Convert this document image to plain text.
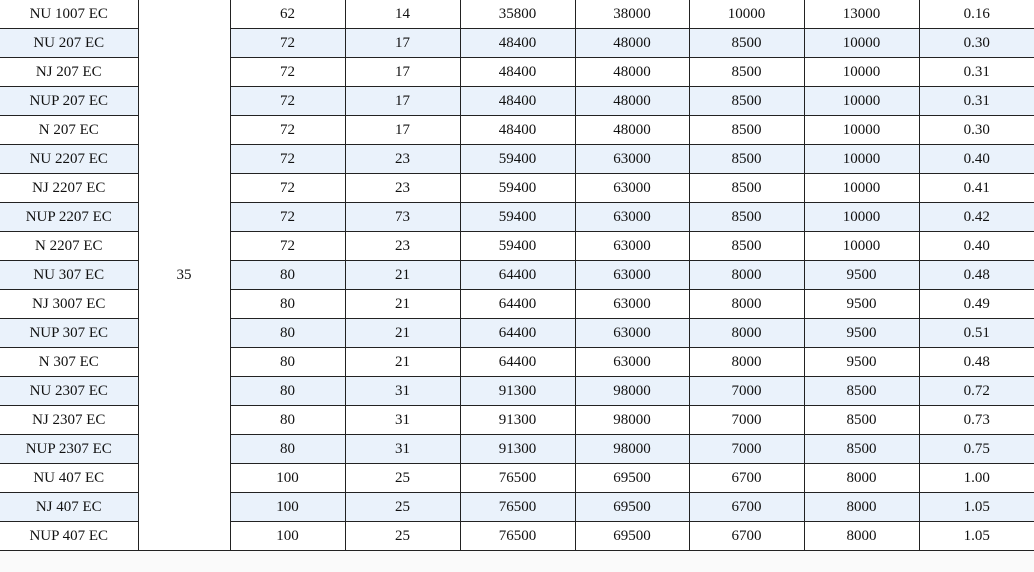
NU 1007 EC	35	62	14	35800	38000	10000	13000	0.16
NU 207 EC		72	17	48400	48000	8500	10000	0.30
NJ 207 EC		72	17	48400	48000	8500	10000	0.31
NUP 207 EC		72	17	48400	48000	8500	10000	0.31
N 207 EC		72	17	48400	48000	8500	10000	0.30
NU 2207 EC		72	23	59400	63000	8500	10000	0.40
NJ 2207 EC		72	23	59400	63000	8500	10000	0.41
NUP 2207 EC		72	73	59400	63000	8500	10000	0.42
N 2207 EC		72	23	59400	63000	8500	10000	0.40
NU 307 EC		80	21	64400	63000	8000	9500	0.48
NJ 3007 EC		80	21	64400	63000	8000	9500	0.49
NUP 307 EC		80	21	64400	63000	8000	9500	0.51
N 307 EC		80	21	64400	63000	8000	9500	0.48
NU 2307 EC		80	31	91300	98000	7000	8500	0.72
NJ 2307 EC		80	31	91300	98000	7000	8500	0.73
NUP 2307 EC		80	31	91300	98000	7000	8500	0.75
NU 407 EC		100	25	76500	69500	6700	8000	1.00
NJ 407 EC		100	25	76500	69500	6700	8000	1.05
NUP 407 EC		100	25	76500	69500	6700	8000	1.05
